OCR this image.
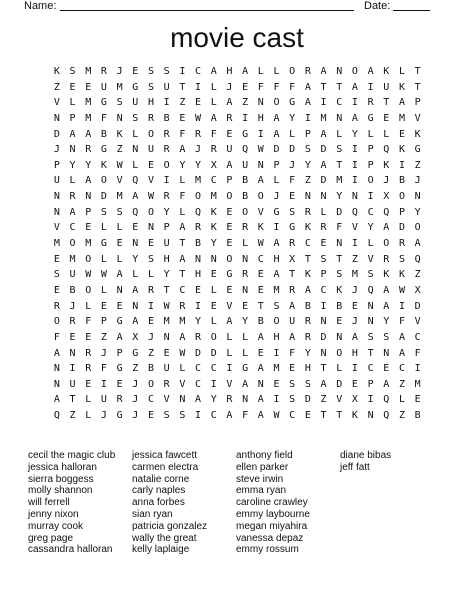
Name:	Date:
movie cast
K S M R J E S S I C A H A L L O R A N O A K L T
Z E E U M G S U T I L J E F F F A T T A I U K T
V L M G S U H I Z E L A Z N O G A I C I R T A P
N P M F N S R B E W A R I H A Y I M N A G E M V
D A A B K L O R F R F E G I A L P A L Y L L E K
J N R G Z N U R A J R U Q W D D S D S I P Q K G
P Y Y K W L E O Y Y X A U N P J Y A T I P K I Z
U L A O V Q V I L M C P B A L F Z D M I O J B J
N R N D M A W R F O M O B O J E N N Y N I X O N
N A P S S Q O Y L Q K E O V G S R L D Q C Q P Y
V C E L L E N P A R K E R K I G K R F V Y A D O
M O M G E N E U T B Y E L W A R C E N I L O R A
E M O L L Y S H A N N O N C H X T S T Z V R S Q
S U W W A L L Y T H E G R E A T K P S M S K K Z
E B O L N A R T C E L E N E M R A C K J Q A W X
R J L E E N I W R I E V E T S A B I B E N A I D
O R F P G A E M M Y L A Y B O U R N E J N Y F V
F E E Z A X J N A R O L L A H A R D N A S S A C
A N R J P G Z E W D D L L E I F Y N O H T N A F
N I R F G Z B U L C C I G A M E H T L I C E C I
N U E I E J O R V C I V A N E S S A D E P A Z M
A T L U R J C V N A Y R N A I S D Z V X I Q L E
Q Z L J G J E S S I C A F A W C E T T K N Q Z B
cecil the magic club
jessica halloran
sierra boggess
molly shannon
will ferrell
jenny nixon
murray cook
greg page
cassandra halloran
jessica fawcett
carmen electra
natalie corne
carly naples
anna forbes
sian ryan
patricia gonzalez
wally the great
kelly laplaige
anthony field
ellen parker
steve irwin
emma ryan
caroline crawley
emmy laybourne
megan miyahira
vanessa depaz
emmy rossum
diane bibas
jeff fatt
